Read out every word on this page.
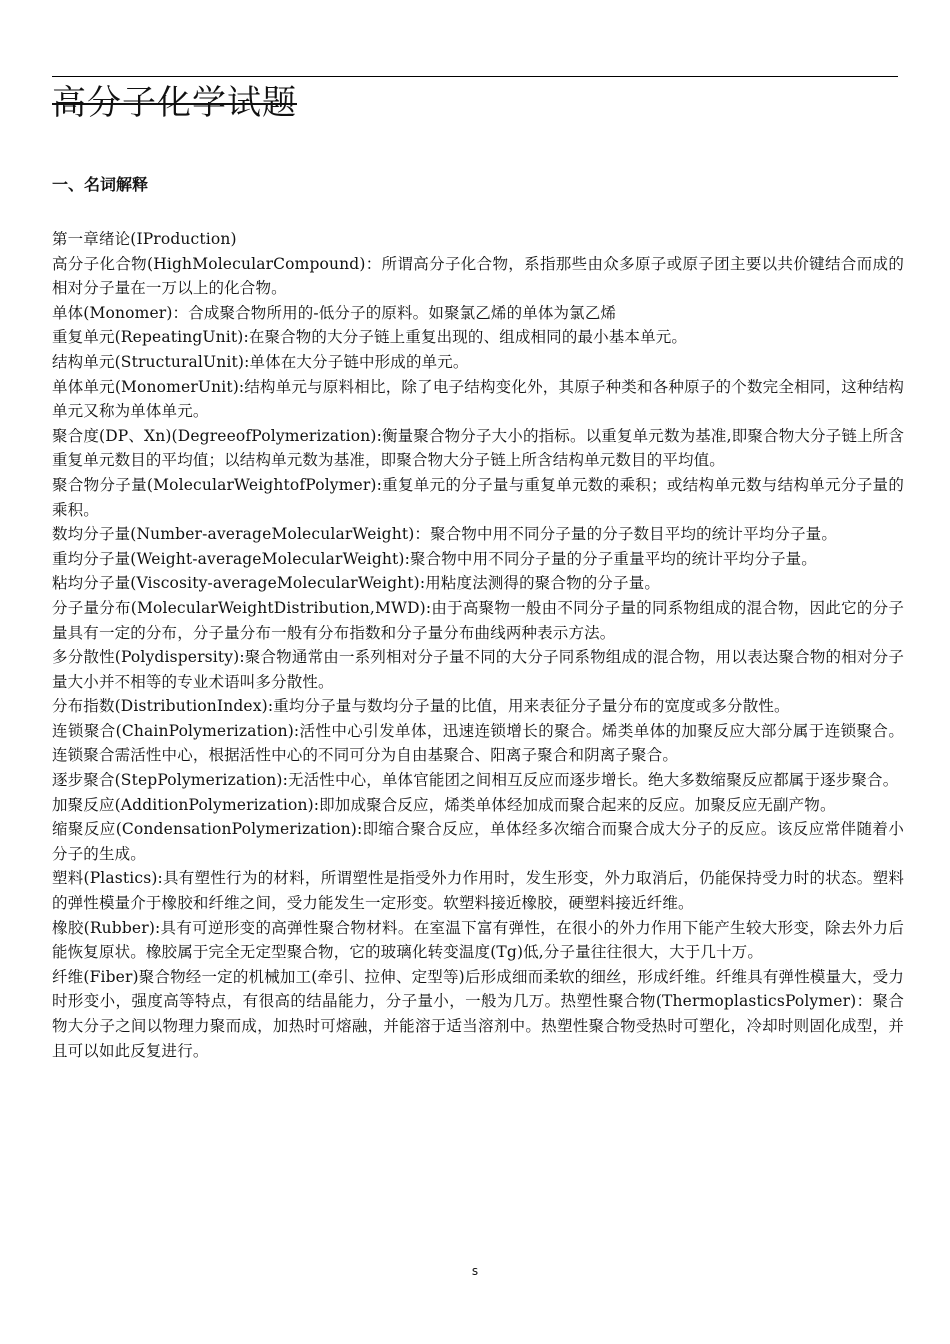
高分子化学试题
一、名词解释

第一章绪论(IProduction)

高分子化合物(HighMolecularCompound)：所谓高分子化合物，系指那些由众多原子或原子团主要以共价键结合而成的相对分子量在一万以上的化合物。

单体(Monomer)：合成聚合物所用的-低分子的原料。如聚氯乙烯的单体为氯乙烯

重复单元(RepeatingUnit):在聚合物的大分子链上重复出现的、组成相同的最小基本单元。

结构单元(StructuralUnit):单体在大分子链中形成的单元。

单体单元(MonomerUnit):结构单元与原料相比，除了电子结构变化外，其原子种类和各种原子的个数完全相同，这种结构单元又称为单体单元。

聚合度(DP、Xn)(DegreeofPolymerization):衡量聚合物分子大小的指标。以重复单元数为基准,即聚合物大分子链上所含重复单元数目的平均值；以结构单元数为基准，即聚合物大分子链上所含结构单元数目的平均值。

聚合物分子量(MolecularWeightofPolymer):重复单元的分子量与重复单元数的乘积；或结构单元数与结构单元分子量的乘积。

数均分子量(Number-averageMolecularWeight)：聚合物中用不同分子量的分子数目平均的统计平均分子量。

重均分子量(Weight-averageMolecularWeight):聚合物中用不同分子量的分子重量平均的统计平均分子量。

粘均分子量(Viscosity-averageMolecularWeight):用粘度法测得的聚合物的分子量。

分子量分布(MolecularWeightDistribution,MWD):由于高聚物一般由不同分子量的同系物组成的混合物，因此它的分子量具有一定的分布，分子量分布一般有分布指数和分子量分布曲线两种表示方法。

多分散性(Polydispersity):聚合物通常由一系列相对分子量不同的大分子同系物组成的混合物，用以表达聚合物的相对分子量大小并不相等的专业术语叫多分散性。

分布指数(DistributionIndex):重均分子量与数均分子量的比值，用来表征分子量分布的宽度或多分散性。

连锁聚合(ChainPolymerization):活性中心引发单体，迅速连锁增长的聚合。烯类单体的加聚反应大部分属于连锁聚合。连锁聚合需活性中心，根据活性中心的不同可分为自由基聚合、阳离子聚合和阴离子聚合。

逐步聚合(StepPolymerization):无活性中心，单体官能团之间相互反应而逐步增长。绝大多数缩聚反应都属于逐步聚合。

加聚反应(AdditionPolymerization):即加成聚合反应，烯类单体经加成而聚合起来的反应。加聚反应无副产物。

缩聚反应(CondensationPolymerization):即缩合聚合反应，单体经多次缩合而聚合成大分子的反应。该反应常伴随着小分子的生成。

塑料(Plastics):具有塑性行为的材料，所谓塑性是指受外力作用时，发生形变，外力取消后，仍能保持受力时的状态。塑料的弹性模量介于橡胶和纤维之间，受力能发生一定形变。软塑料接近橡胶，硬塑料接近纤维。

橡胶(Rubber):具有可逆形变的高弹性聚合物材料。在室温下富有弹性，在很小的外力作用下能产生较大形变，除去外力后能恢复原状。橡胶属于完全无定型聚合物，它的玻璃化转变温度(Tg)低,分子量往往很大，大于几十万。

纤维(Fiber)聚合物经一定的机械加工(牵引、拉伸、定型等)后形成细而柔软的细丝，形成纤维。纤维具有弹性模量大，受力时形变小，强度高等特点，有很高的结晶能力，分子量小，一般为几万。热塑性聚合物(ThermoplasticsPolymer)：聚合物大分子之间以物理力聚而成，加热时可熔融，并能溶于适当溶剂中。热塑性聚合物受热时可塑化，冷却时则固化成型，并且可以如此反复进行。

s
